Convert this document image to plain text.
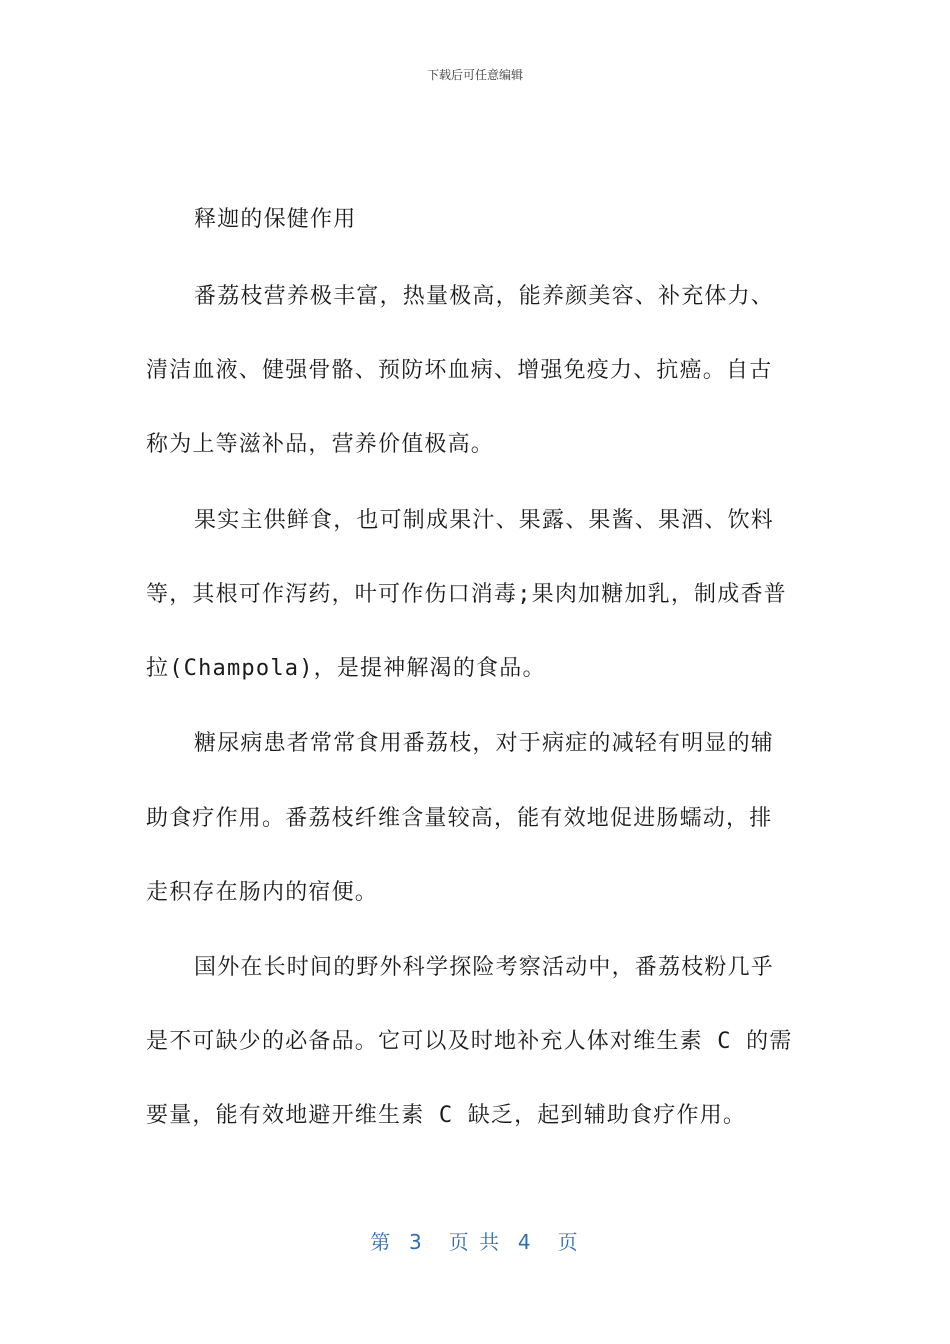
下载后可任意编辑
释迦的保健作用
番荔枝营养极丰富，热量极高，能养颜美容、补充体力、
清洁血液、健强骨骼、预防坏血病、增强免疫力、抗癌。自古
称为上等滋补品，营养价值极高。
果实主供鲜食，也可制成果汁、果露、果酱、果酒、饮料
等，其根可作泻药，叶可作伤口消毒;果肉加糖加乳，制成香普
拉(Champola)，是提神解渴的食品。
糖尿病患者常常食用番荔枝，对于病症的减轻有明显的辅
助食疗作用。番荔枝纤维含量较高，能有效地促进肠蠕动，排
走积存在肠内的宿便。
国外在长时间的野外科学探险考察活动中，番荔枝粉几乎
是不可缺少的必备品。它可以及时地补充人体对维生素 C 的需
要量，能有效地避开维生素 C 缺乏，起到辅助食疗作用。
第  3   页 共  4   页
